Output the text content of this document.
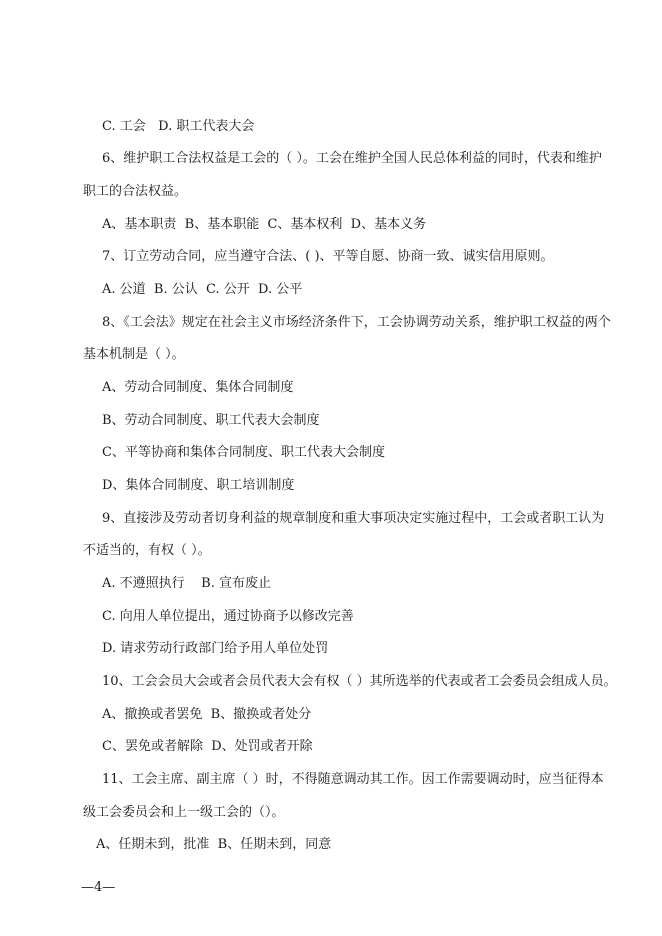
C. 工会   D. 职工代表大会
6、维护职工合法权益是工会的（ ）。工会在维护全国人民总体利益的同时，代表和维护
职工的合法权益。
A、基本职责  B、基本职能  C、基本权利  D、基本义务
7、订立劳动合同，应当遵守合法、( )、平等自愿、协商一致、诚实信用原则。
A. 公道  B. 公认  C. 公开  D. 公平
8、《工会法》规定在社会主义市场经济条件下，工会协调劳动关系，维护职工权益的两个
基本机制是（ ）。
A、劳动合同制度、集体合同制度
B、劳动合同制度、职工代表大会制度
C、平等协商和集体合同制度、职工代表大会制度
D、集体合同制度、职工培训制度
9、直接涉及劳动者切身利益的规章制度和重大事项决定实施过程中，工会或者职工认为
不适当的，有权（ ）。
A. 不遵照执行    B. 宣布废止
C. 向用人单位提出，通过协商予以修改完善
D. 请求劳动行政部门给予用人单位处罚
10、工会会员大会或者会员代表大会有权（ ）其所选举的代表或者工会委员会组成人员。
A、撤换或者罢免  B、撤换或者处分
C、罢免或者解除  D、处罚或者开除
11、工会主席、副主席（ ）时，不得随意调动其工作。因工作需要调动时，应当征得本
级工会委员会和上一级工会的（）。
A、任期未到，批准  B、任期未到，同意
—4—
